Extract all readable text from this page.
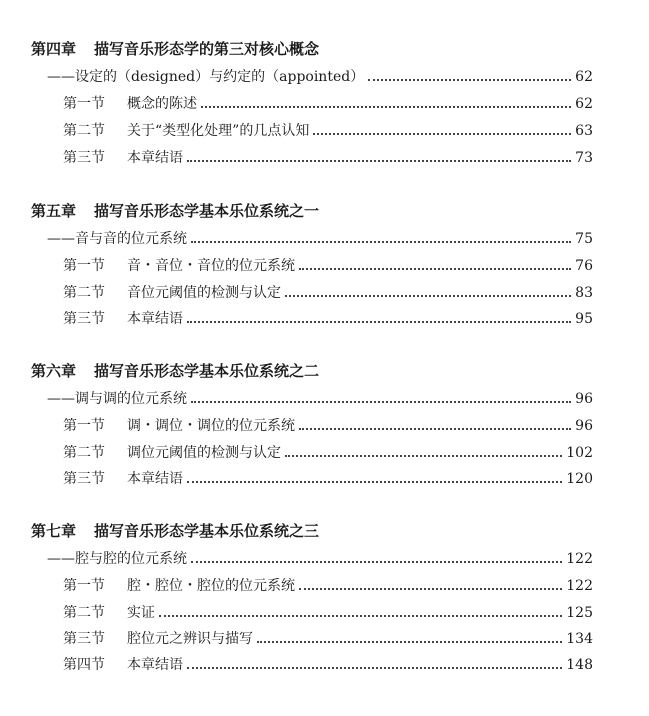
第四章 描写音乐形态学的第三对核心概念
——设定的（designed）与约定的（appointed）	62
第一节 概念的陈述	62
第二节 关于“类型化处理”的几点认知	63
第三节 本章结语	73
第五章 描写音乐形态学基本乐位系统之一
——音与音的位元系统	75
第一节 音・音位・音位的位元系统	76
第二节 音位元阈值的检测与认定	83
第三节 本章结语	95
第六章 描写音乐形态学基本乐位系统之二
——调与调的位元系统	96
第一节 调・调位・调位的位元系统	96
第二节 调位元阈值的检测与认定	102
第三节 本章结语	120
第七章 描写音乐形态学基本乐位系统之三
——腔与腔的位元系统	122
第一节 腔・腔位・腔位的位元系统	122
第二节 实证	125
第三节 腔位元之辨识与描写	134
第四节 本章结语	148
